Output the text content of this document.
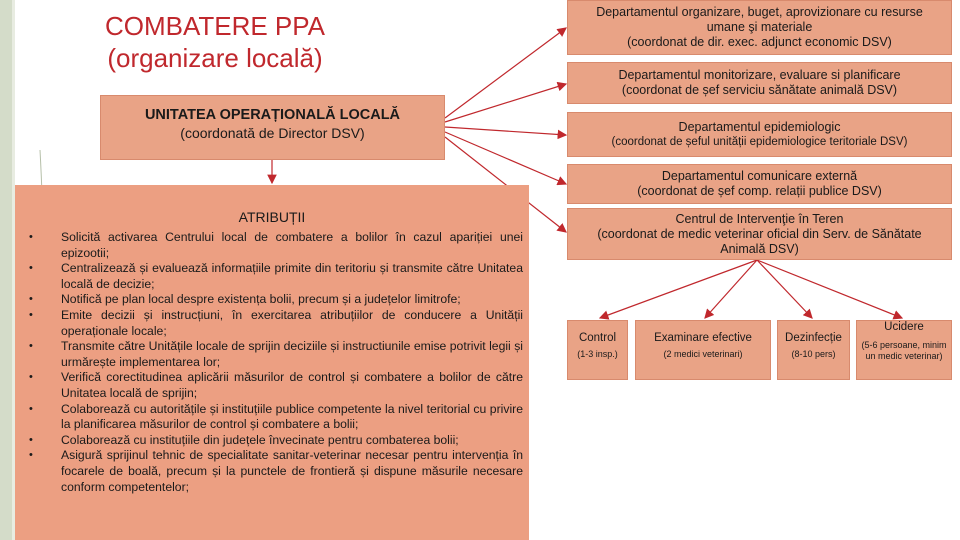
COMBATERE PPA
(organizare locală)
UNITATEA OPERAȚIONALĂ LOCALĂ
(coordonată de Director DSV)
ATRIBUȚII
• Solicită activarea Centrului local de combatere a bolilor în cazul apariției unei epizootii;
• Centralizează și evaluează informațiile primite din teritoriu și transmite către Unitatea locală de decizie;
• Notifică pe plan local despre existența bolii, precum și a județelor limitrofe;
• Emite decizii și instrucțiuni, în exercitarea atribuțiilor de conducere a Unității operaționale locale;
• Transmite către Unitățile locale de sprijin deciziile și instructiunile emise potrivit legii și urmărește implementarea lor;
• Verifică corectitudinea aplicării măsurilor de control și combatere a bolilor de către Unitatea locală de sprijin;
• Colaborează cu autoritățile și instituțiile publice competente la nivel teritorial cu privire la planificarea măsurilor de control și combatere a bolii;
• Colaborează cu instituțiile din județele învecinate pentru combaterea bolii;
• Asigură sprijinul tehnic de specialitate sanitar-veterinar necesar pentru intervenția în focarele de boală, precum și la punctele de frontieră și dispune măsurile necesare conform competentelor;
Departamentul organizare, buget, aprovizionare cu resurse
umane şi materiale
(coordonat de dir. exec. adjunct economic DSV)
Departamentul monitorizare, evaluare si planificare
(coordonat de șef serviciu sănătate animală DSV)
Departamentul epidemiologic
(coordonat de șeful unității epidemiologice teritoriale DSV)
Departamentul comunicare externă
(coordonat de șef comp. relații publice DSV)
Centrul de Intervenţie în Teren
(coordonat de medic veterinar oficial din Serv. de Sănătate
Animală DSV)
Control
(1-3 insp.)
Examinare efective
(2 medici veterinari)
Dezinfecție
(8-10 pers)
Ucidere
(5-6 persoane, minim un medic veterinar)
